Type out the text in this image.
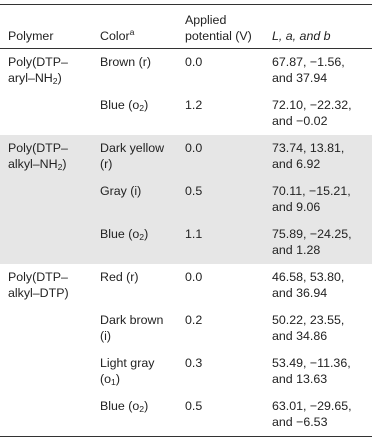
Polymer	Color$^a$	Applied potential (V)	L, a, and b
$Poly(DTP-aryl-NH_2)$	Brown (r)	0.0	67.87, −1.56, and 37.94
	Blue $(o_2)$	1.2	72.10, −22.32, and −0.02
$Poly(DTP-alkyl-NH_2)$	Dark yellow (r)	0.0	73.74, 13.81, and 6.92
	Gray (i)	0.5	70.11, −15.21, and 9.06
	Blue $(o_2)$	1.1	75.89, −24.25, and 1.28
Poly(DTP–alkyl–DTP)	Red (r)	0.0	46.58, 53.80, and 36.94
	Dark brown (i)	0.2	50.22, 23.55, and 34.86
	Light gray $(o_1)$	0.3	53.49, −11.36, and 13.63
	Blue $(o_2)$	0.5	63.01, −29.65, and −6.53
